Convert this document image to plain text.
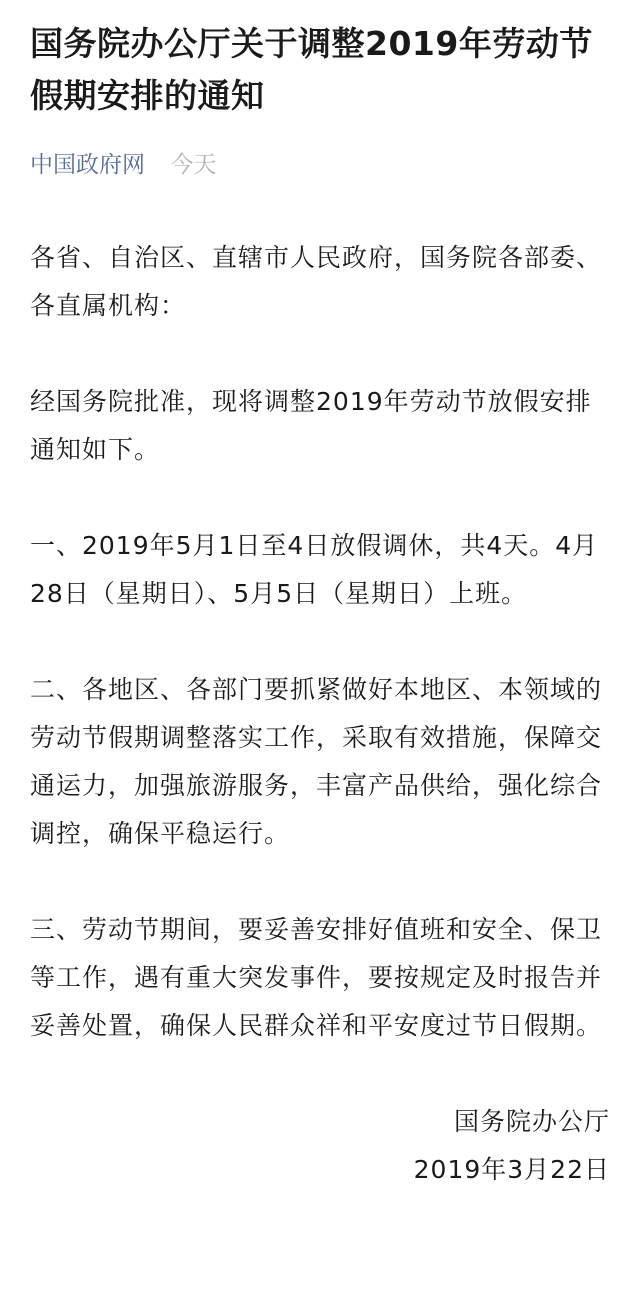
国务院办公厅关于调整2019年劳动节假期安排的通知
中国政府网 今天

各省、自治区、直辖市人民政府，国务院各部委、各直属机构：

经国务院批准，现将调整2019年劳动节放假安排通知如下。

一、2019年5月1日至4日放假调休，共4天。4月28日（星期日）、5月5日（星期日）上班。

二、各地区、各部门要抓紧做好本地区、本领域的劳动节假期调整落实工作，采取有效措施，保障交通运力，加强旅游服务，丰富产品供给，强化综合调控，确保平稳运行。

三、劳动节期间，要妥善安排好值班和安全、保卫等工作，遇有重大突发事件，要按规定及时报告并妥善处置，确保人民群众祥和平安度过节日假期。

国务院办公厅
2019年3月22日
